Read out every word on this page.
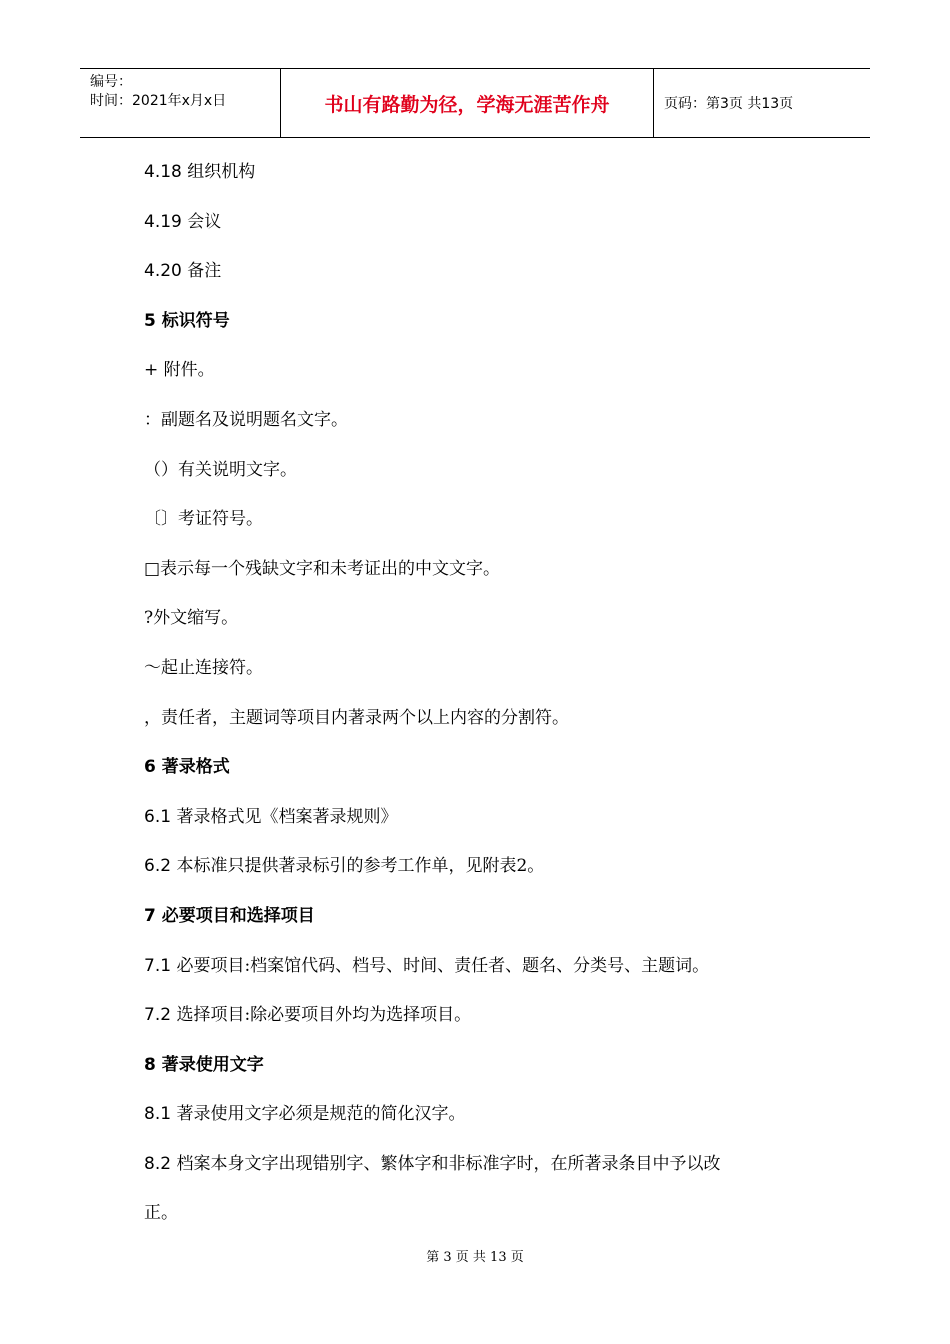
编号：
时间：2021年x月x日	书山有路勤为径，学海无涯苦作舟	页码：第3页 共13页
4.18 组织机构
4.19 会议
4.20 备注
5 标识符号
+ 附件。
：副题名及说明题名文字。
（）有关说明文字。
〔〕考证符号。
□表示每一个残缺文字和未考证出的中文文字。
?外文缩写。
～起止连接符。
，责任者，主题词等项目内著录两个以上内容的分割符。
6 著录格式
6.1 著录格式见《档案著录规则》
6.2 本标准只提供著录标引的参考工作单，见附表2。
7 必要项目和选择项目
7.1 必要项目:档案馆代码、档号、时间、责任者、题名、分类号、主题词。
7.2 选择项目:除必要项目外均为选择项目。
8 著录使用文字
8.1 著录使用文字必须是规范的简化汉字。
8.2 档案本身文字出现错别字、繁体字和非标准字时，在所著录条目中予以改
正。
第 3 页 共 13 页
